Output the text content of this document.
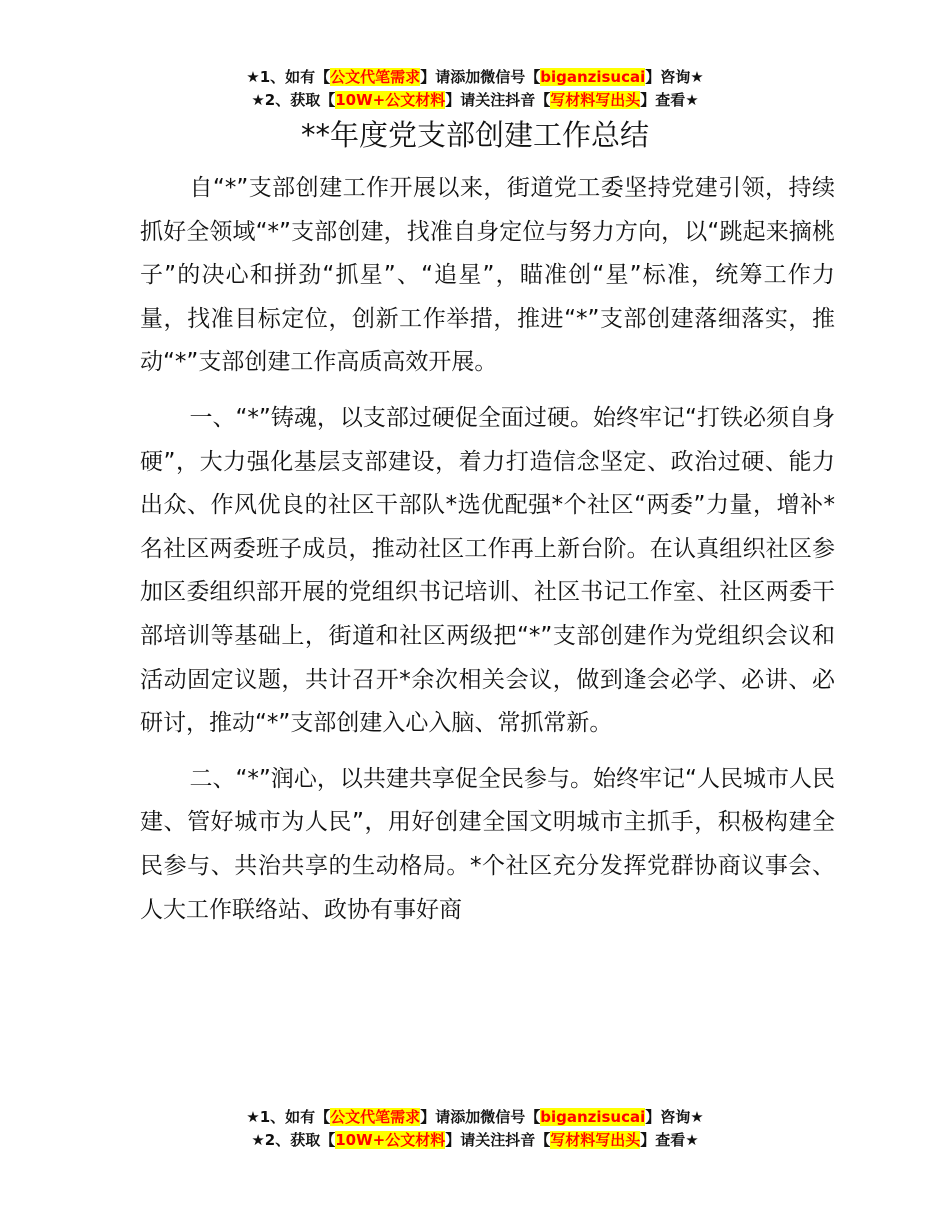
★1、如有【公文代笔需求】请添加微信号【biganzisucai】咨询★
★2、获取【10W+公文材料】请关注抖音【写材料写出头】查看★
**年度党支部创建工作总结

自“*”支部创建工作开展以来，街道党工委坚持党建引领，持续抓好全领域“*”支部创建，找准自身定位与努力方向，以“跳起来摘桃子”的决心和拼劲“抓星”、“追星”，瞄准创“星”标准，统筹工作力量，找准目标定位，创新工作举措，推进“*”支部创建落细落实，推动“*”支部创建工作高质高效开展。

一、“*”铸魂，以支部过硬促全面过硬。始终牢记“打铁必须自身硬”，大力强化基层支部建设，着力打造信念坚定、政治过硬、能力出众、作风优良的社区干部队*选优配强*个社区“两委”力量，增补*名社区两委班子成员，推动社区工作再上新台阶。在认真组织社区参加区委组织部开展的党组织书记培训、社区书记工作室、社区两委干部培训等基础上，街道和社区两级把“*”支部创建作为党组织会议和活动固定议题，共计召开*余次相关会议，做到逢会必学、必讲、必研讨，推动“*”支部创建入心入脑、常抓常新。

二、“*”润心，以共建共享促全民参与。始终牢记“人民城市人民建、管好城市为人民”，用好创建全国文明城市主抓手，积极构建全民参与、共治共享的生动格局。*个社区充分发挥党群协商议事会、人大工作联络站、政协有事好商

★1、如有【公文代笔需求】请添加微信号【biganzisucai】咨询★
★2、获取【10W+公文材料】请关注抖音【写材料写出头】查看★
